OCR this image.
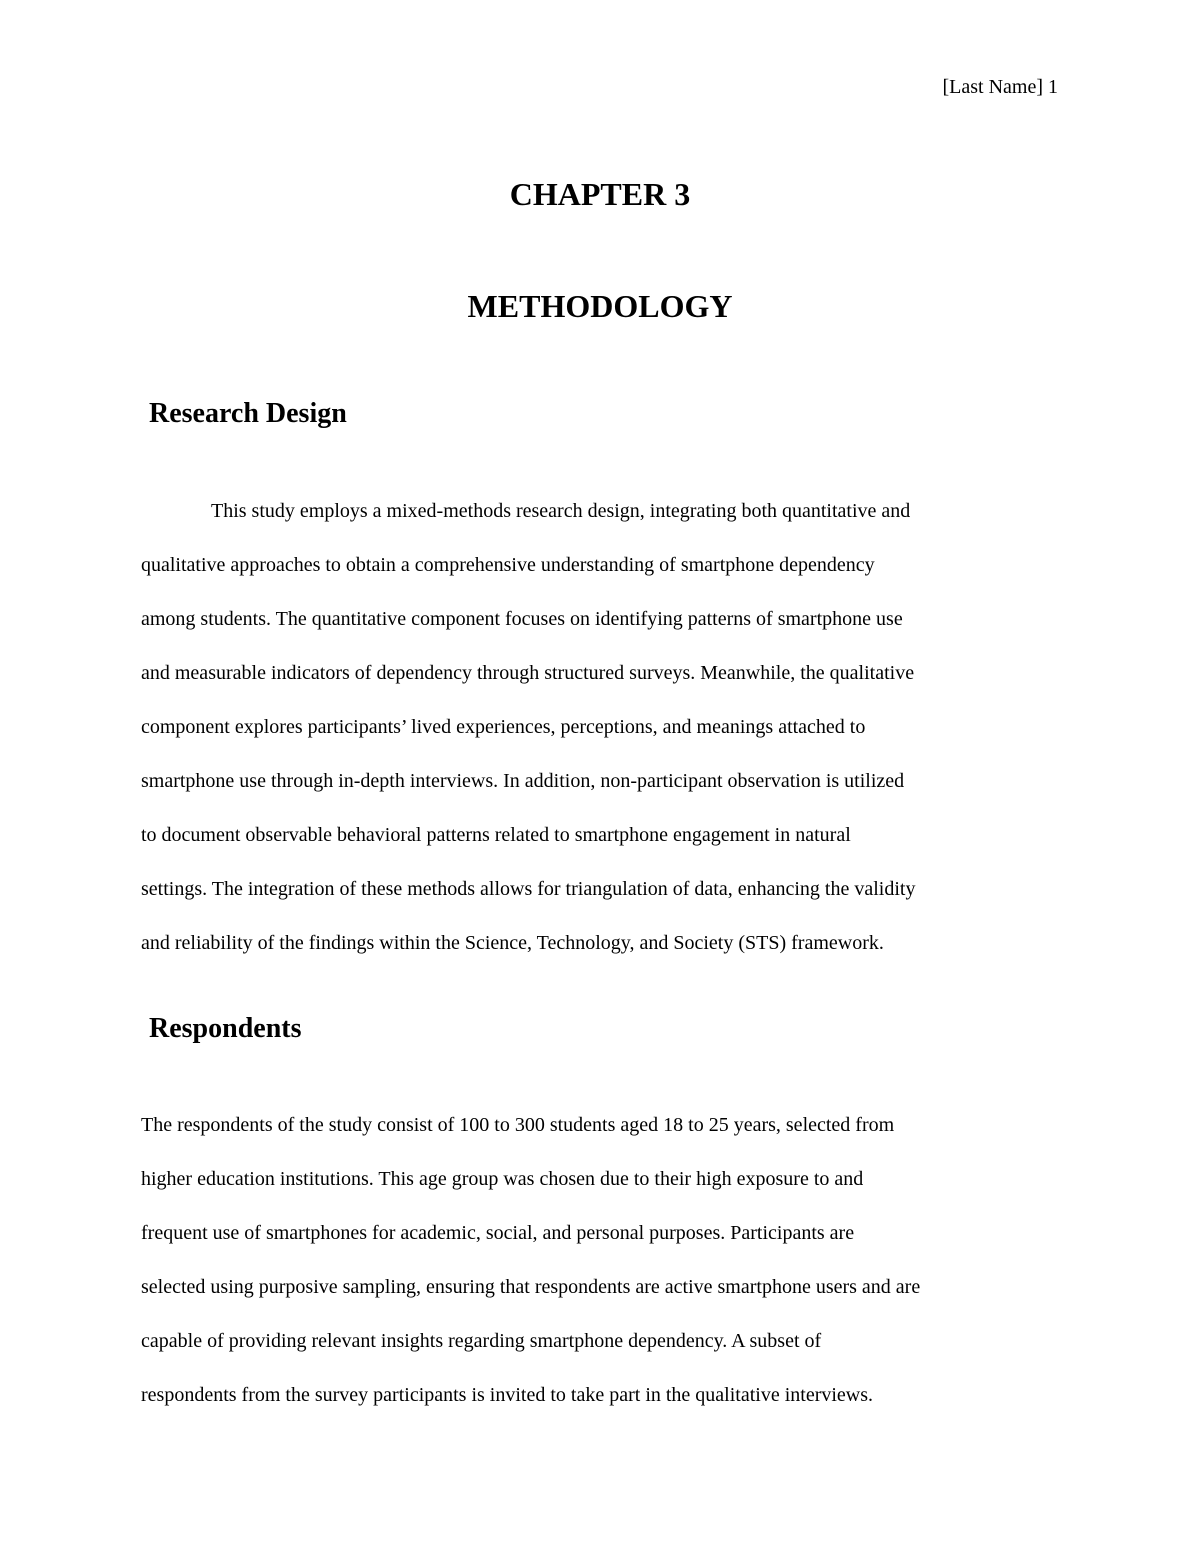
[Last Name] 1
CHAPTER 3
METHODOLOGY
Research Design

This study employs a mixed-methods research design, integrating both quantitative and

qualitative approaches to obtain a comprehensive understanding of smartphone dependency

among students. The quantitative component focuses on identifying patterns of smartphone use

and measurable indicators of dependency through structured surveys. Meanwhile, the qualitative

component explores participants’ lived experiences, perceptions, and meanings attached to

smartphone use through in-depth interviews. In addition, non-participant observation is utilized

to document observable behavioral patterns related to smartphone engagement in natural

settings. The integration of these methods allows for triangulation of data, enhancing the validity

and reliability of the findings within the Science, Technology, and Society (STS) framework.

Respondents

The respondents of the study consist of 100 to 300 students aged 18 to 25 years, selected from

higher education institutions. This age group was chosen due to their high exposure to and

frequent use of smartphones for academic, social, and personal purposes. Participants are

selected using purposive sampling, ensuring that respondents are active smartphone users and are

capable of providing relevant insights regarding smartphone dependency. A subset of

respondents from the survey participants is invited to take part in the qualitative interviews.
